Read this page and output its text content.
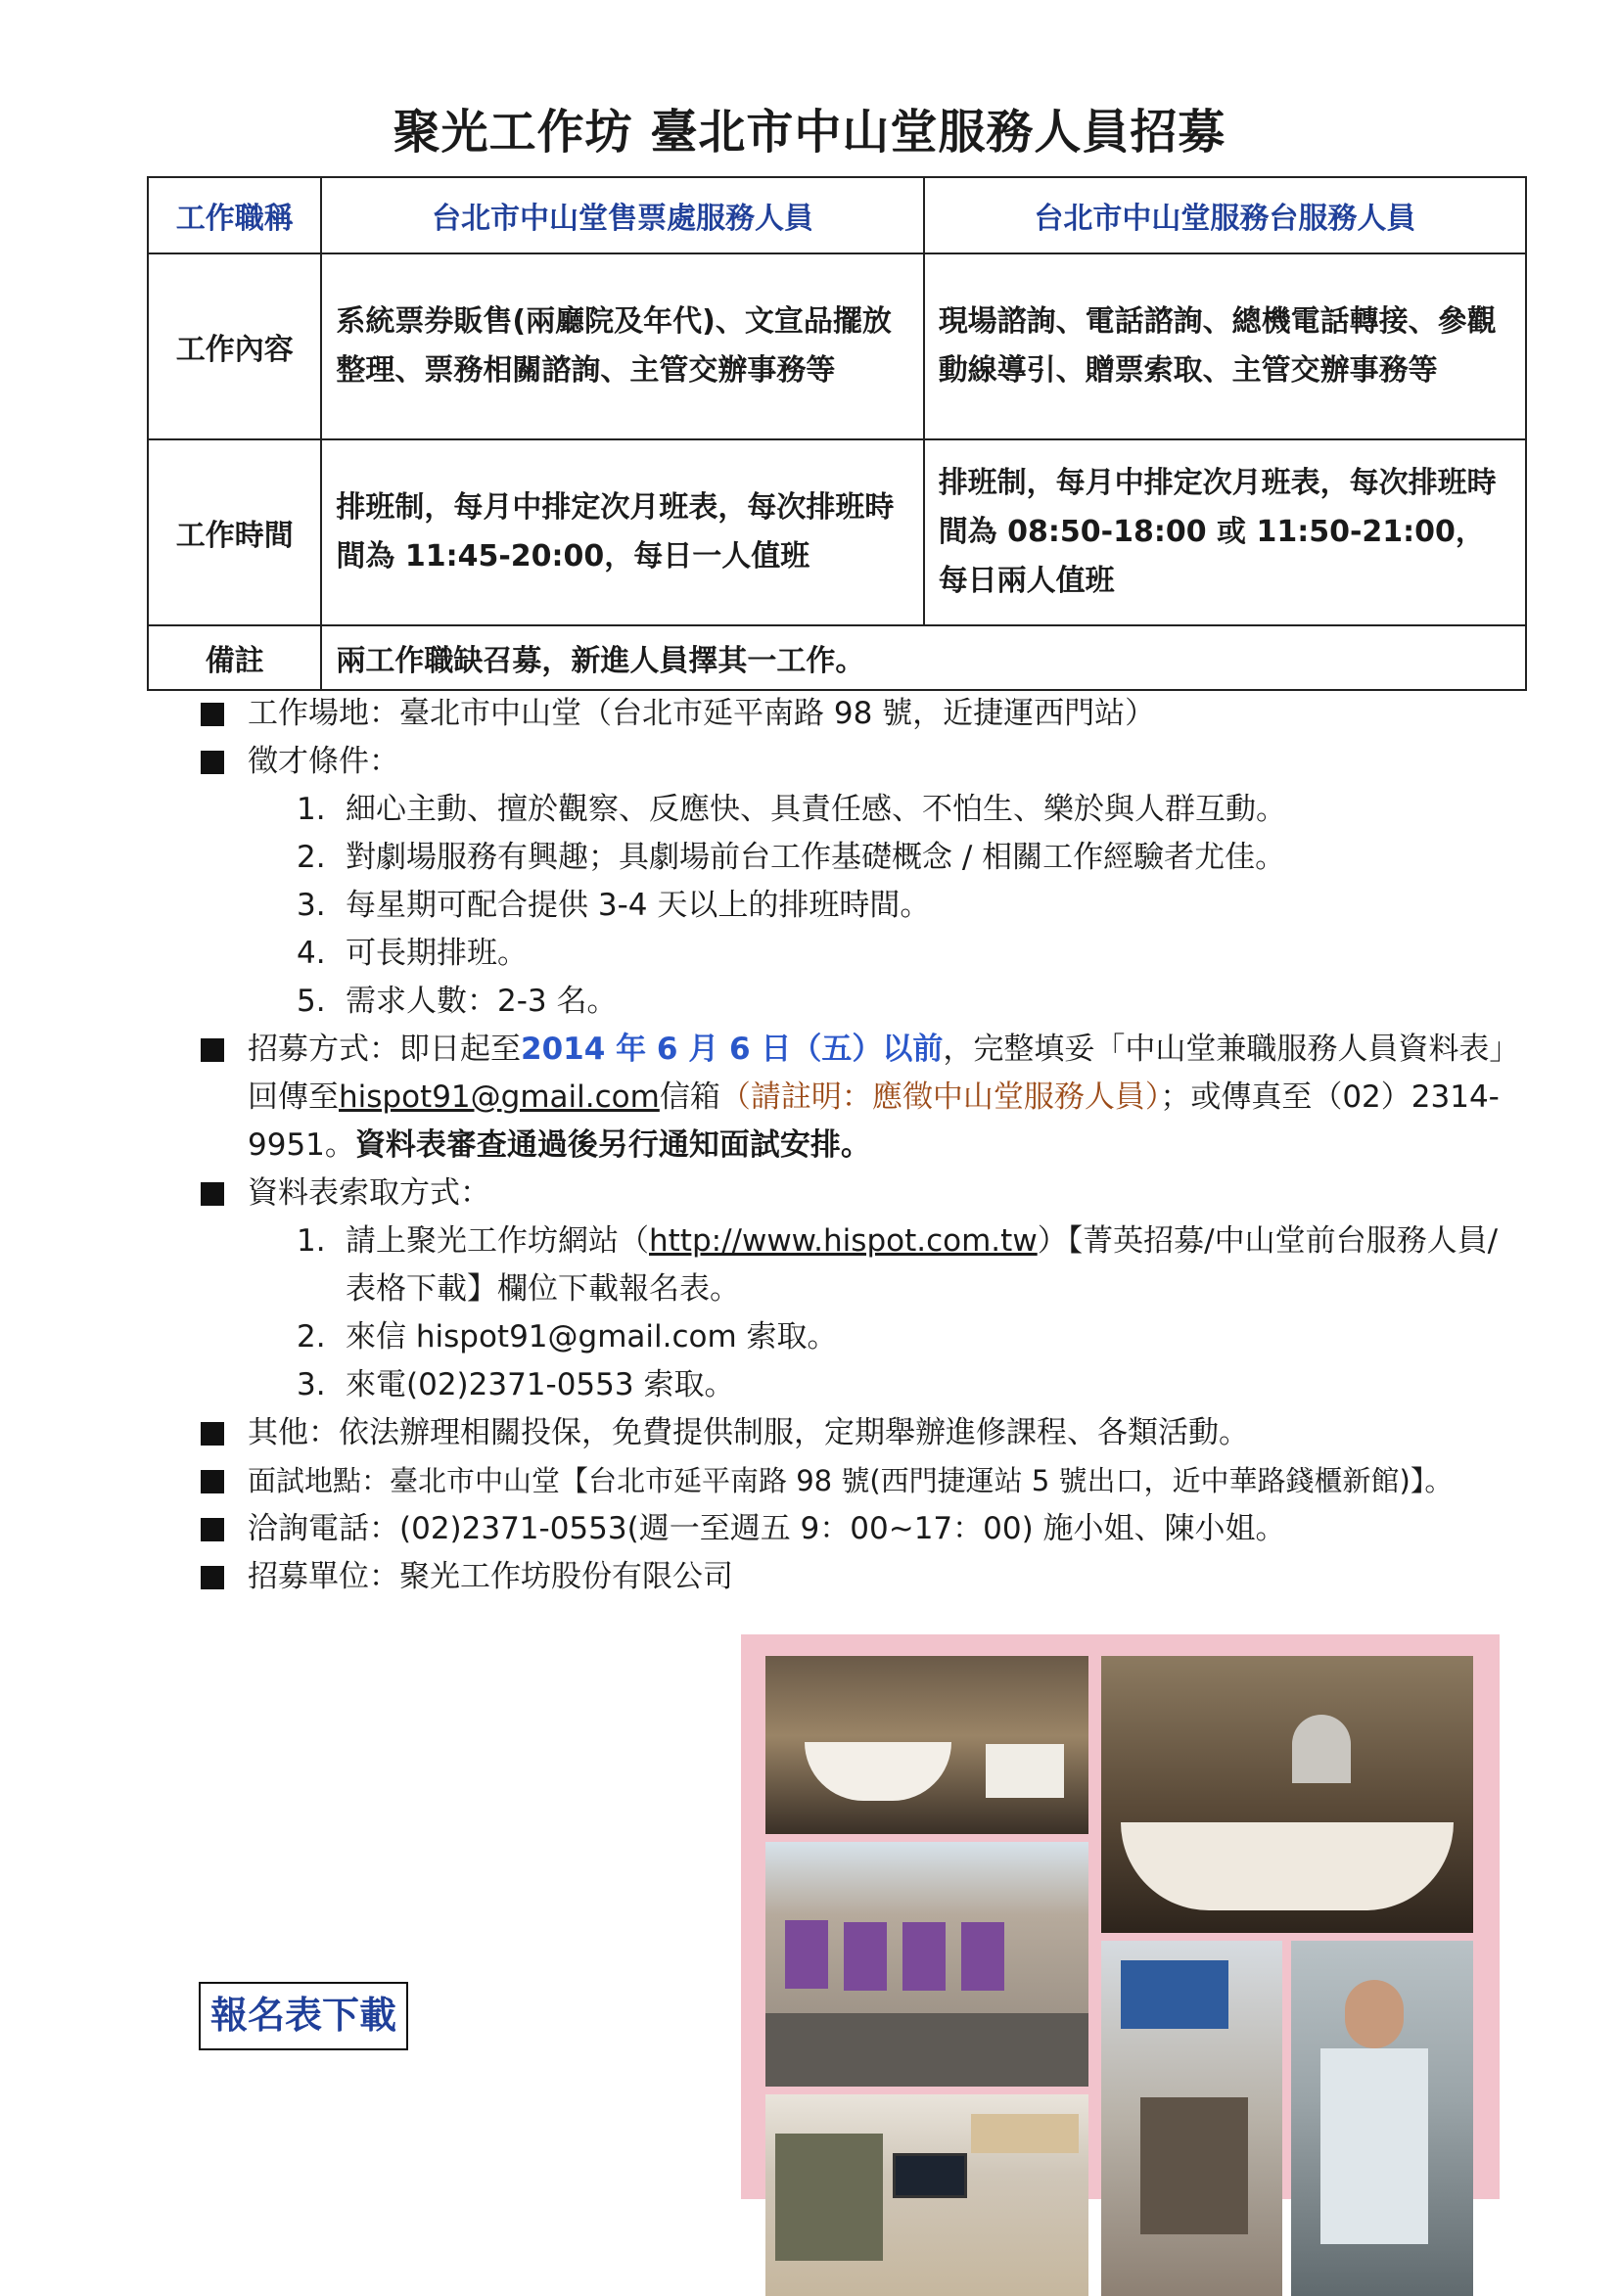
聚光工作坊 臺北市中山堂服務人員招募
工作職稱	台北市中山堂售票處服務人員	台北市中山堂服務台服務人員
工作內容	系統票券販售(兩廳院及年代)、文宣品擺放整理、票務相關諮詢、主管交辦事務等	現場諮詢、電話諮詢、總機電話轉接、參觀動線導引、贈票索取、主管交辦事務等
工作時間	排班制，每月中排定次月班表，每次排班時間為 11:45-20:00，每日一人值班	排班制，每月中排定次月班表，每次排班時間為 08:50-18:00 或 11:50-21:00，每日兩人值班
備註	兩工作職缺召募，新進人員擇其一工作。	
工作場地：臺北市中山堂（台北市延平南路 98 號，近捷運西門站）
徵才條件：
1. 細心主動、擅於觀察、反應快、具責任感、不怕生、樂於與人群互動。
2. 對劇場服務有興趣；具劇場前台工作基礎概念 / 相關工作經驗者尤佳。
3. 每星期可配合提供 3-4 天以上的排班時間。
4. 可長期排班。
5. 需求人數：2-3 名。
招募方式：即日起至2014 年 6 月 6 日（五）以前，完整填妥「中山堂兼職服務人員資料表」回傳至hispot91@gmail.com信箱（請註明：應徵中山堂服務人員）；或傳真至（02）2314-9951。資料表審查通過後另行通知面試安排。
資料表索取方式：
1. 請上聚光工作坊網站（http://www.hispot.com.tw）【菁英招募/中山堂前台服務人員/表格下載】欄位下載報名表。
2. 來信 hispot91@gmail.com 索取。
3. 來電(02)2371-0553 索取。
其他：依法辦理相關投保，免費提供制服，定期舉辦進修課程、各類活動。
面試地點：臺北市中山堂【台北市延平南路 98 號(西門捷運站 5 號出口，近中華路錢櫃新館)】。
洽詢電話：(02)2371-0553(週一至週五 9：00~17：00) 施小姐、陳小姐。
招募單位：聚光工作坊股份有限公司
報名表下載
